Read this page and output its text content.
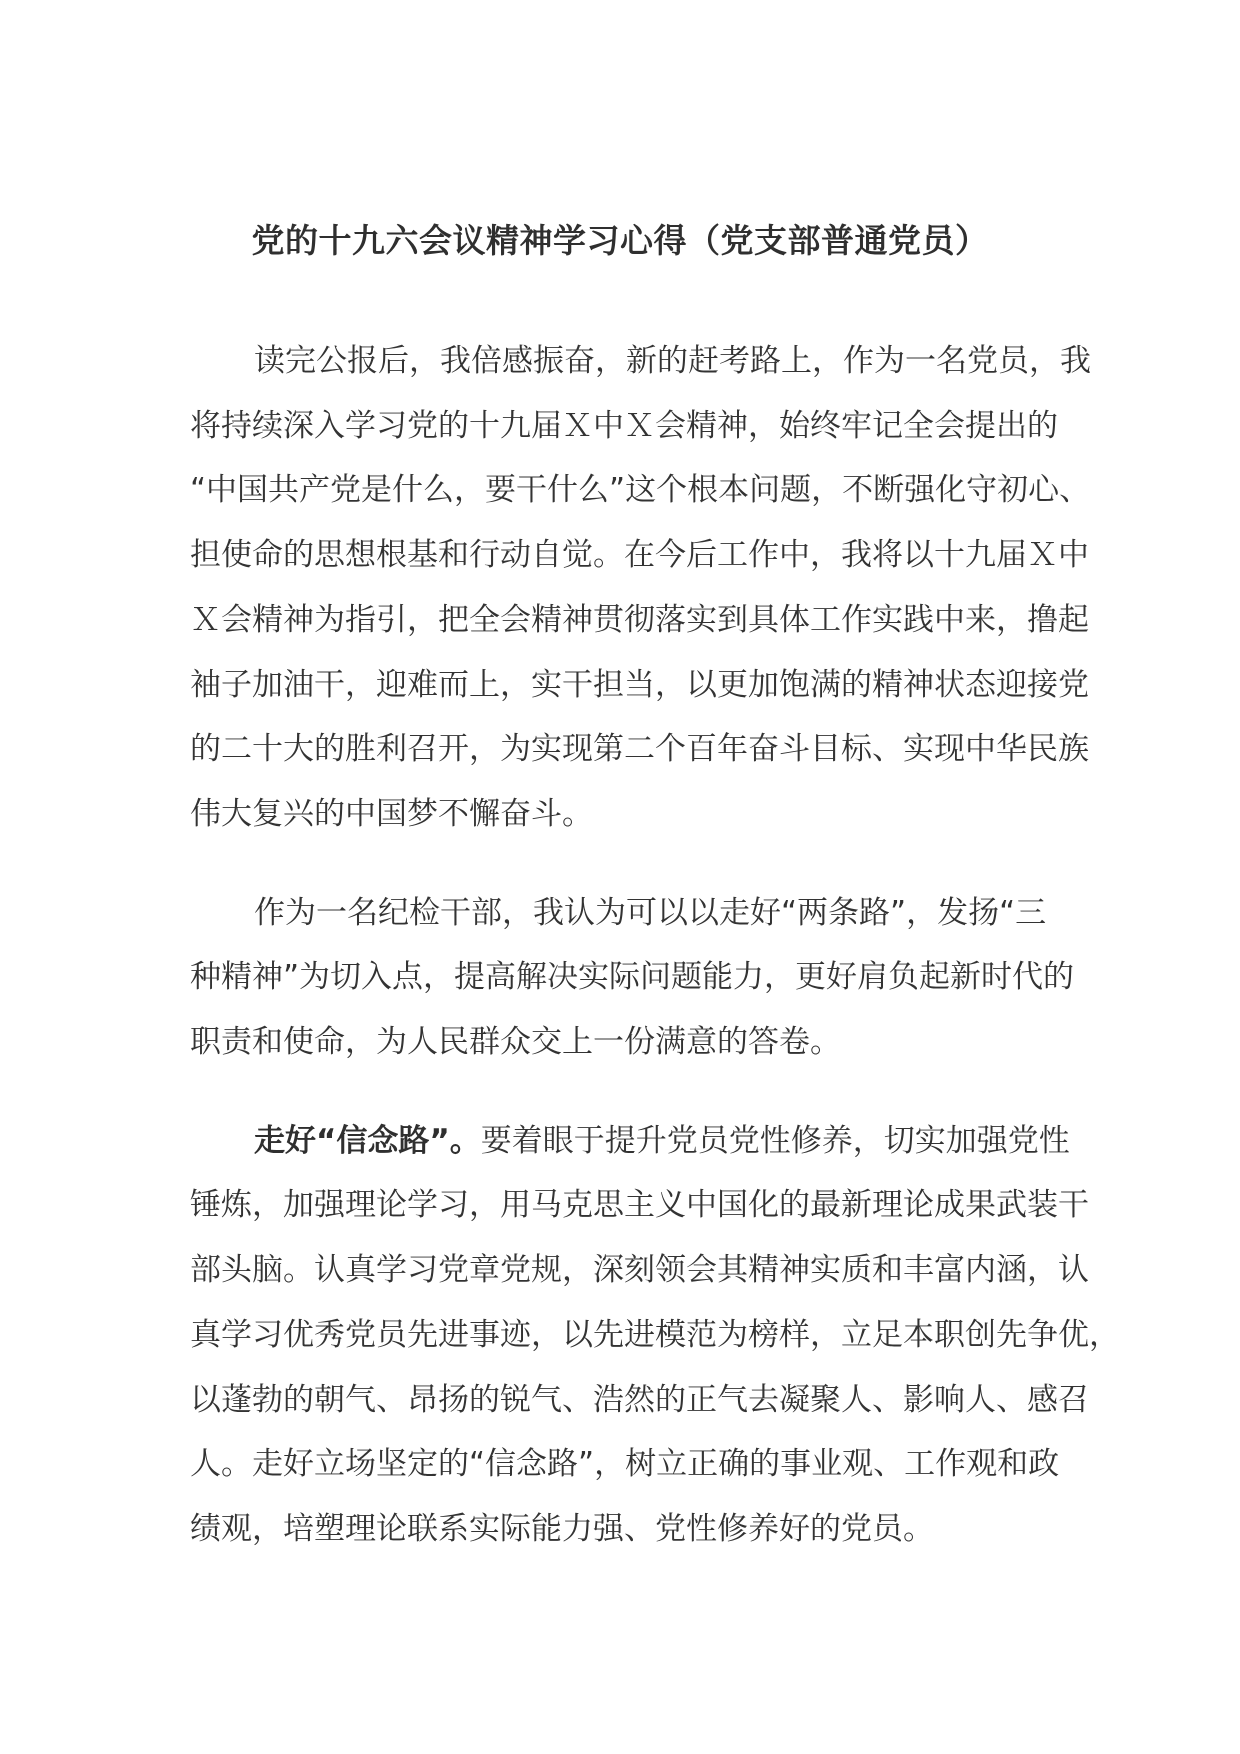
党的十九六会议精神学习心得（党支部普通党员）

读完公报后，我倍感振奋，新的赶考路上，作为一名党员，我
将持续深入学习党的十九届Ｘ中Ｘ会精神，始终牢记全会提出的
“中国共产党是什么，要干什么”这个根本问题，不断强化守初心、
担使命的思想根基和行动自觉。在今后工作中，我将以十九届Ｘ中
Ｘ会精神为指引，把全会精神贯彻落实到具体工作实践中来，撸起
袖子加油干，迎难而上，实干担当，以更加饱满的精神状态迎接党
的二十大的胜利召开，为实现第二个百年奋斗目标、实现中华民族
伟大复兴的中国梦不懈奋斗。

作为一名纪检干部，我认为可以以走好“两条路”，发扬“三
种精神”为切入点，提高解决实际问题能力，更好肩负起新时代的
职责和使命，为人民群众交上一份满意的答卷。

走好“信念路”。要着眼于提升党员党性修养，切实加强党性
锤炼，加强理论学习，用马克思主义中国化的最新理论成果武装干
部头脑。认真学习党章党规，深刻领会其精神实质和丰富内涵，认
真学习优秀党员先进事迹，以先进模范为榜样，立足本职创先争优，
以蓬勃的朝气、昂扬的锐气、浩然的正气去凝聚人、影响人、感召
人。走好立场坚定的“信念路”，树立正确的事业观、工作观和政
绩观，培塑理论联系实际能力强、党性修养好的党员。
